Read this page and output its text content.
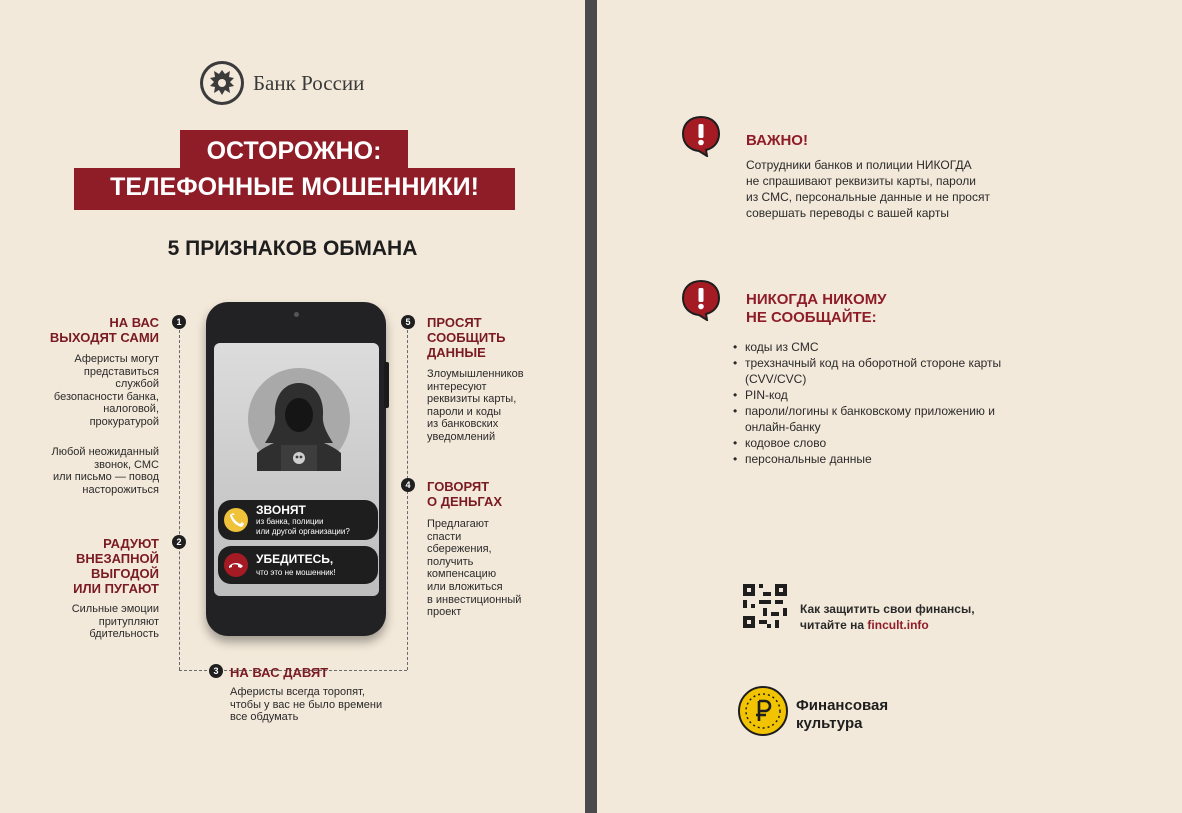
Банк России
ОСТОРОЖНО:
ТЕЛЕФОННЫЕ МОШЕННИКИ!
5 ПРИЗНАКОВ ОБМАНА
1
2
3
4
5
НА ВАС
ВЫХОДЯТ САМИ
Аферисты могут
представиться
службой
безопасности банка,
налоговой,
прокуратурой
Любой неожиданный
звонок, СМС
или письмо — повод
насторожиться
РАДУЮТ
ВНЕЗАПНОЙ
ВЫГОДОЙ
ИЛИ ПУГАЮТ
Сильные эмоции
притупляют
бдительность
НА ВАС ДАВЯТ
Аферисты всегда торопят,
чтобы у вас не было времени
все обдумать
ГОВОРЯТ
О ДЕНЬГАХ
Предлагают
спасти
сбережения,
получить
компенсацию
или вложиться
в инвестиционный
проект
ПРОСЯТ
СООБЩИТЬ
ДАННЫЕ
Злоумышленников
интересуют
реквизиты карты,
пароли и коды
из банковских
уведомлений
ЗВОНЯТ
из банка, полиции
или другой организации?
УБЕДИТЕСЬ,
что это не мошенник!
ВАЖНО!
Сотрудники банков и полиции НИКОГДА
не спрашивают реквизиты карты, пароли
из СМС, персональные данные и не просят
совершать переводы с вашей карты
НИКОГДА НИКОМУ
НЕ СООБЩАЙТЕ:
• коды из СМС
• трехзначный код на оборотной стороне карты (CVV/CVC)
• PIN-код
• пароли/логины к банковскому приложению и онлайн-банку
• кодовое слово
• персональные данные
Как защитить свои финансы,
читайте на fincult.info
Финансовая
культура
